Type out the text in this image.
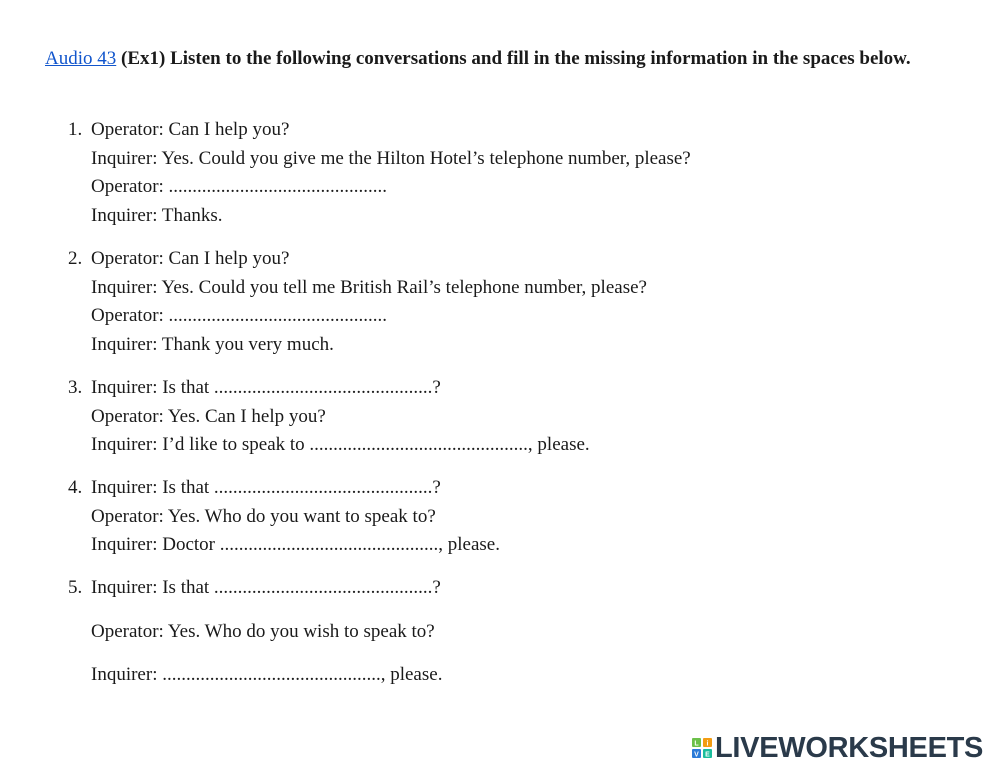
Audio 43 (Ex1) Listen to the following conversations and fill in the missing information in the spaces below.
1. Operator: Can I help you?
Inquirer: Yes. Could you give me the Hilton Hotel’s telephone number, please?
Operator: ..............................................
Inquirer: Thanks.
2. Operator: Can I help you?
Inquirer: Yes. Could you tell me British Rail’s telephone number, please?
Operator: ..............................................
Inquirer: Thank you very much.
3. Inquirer: Is that ..............................................?
Operator: Yes. Can I help you?
Inquirer: I’d like to speak to .............................................., please.
4. Inquirer: Is that ..............................................?
Operator: Yes. Who do you want to speak to?
Inquirer: Doctor .............................................., please.
5. Inquirer: Is that ..............................................?
Operator: Yes. Who do you wish to speak to?
Inquirer: .............................................., please.
L i
V E LIVEWORKSHEETS
